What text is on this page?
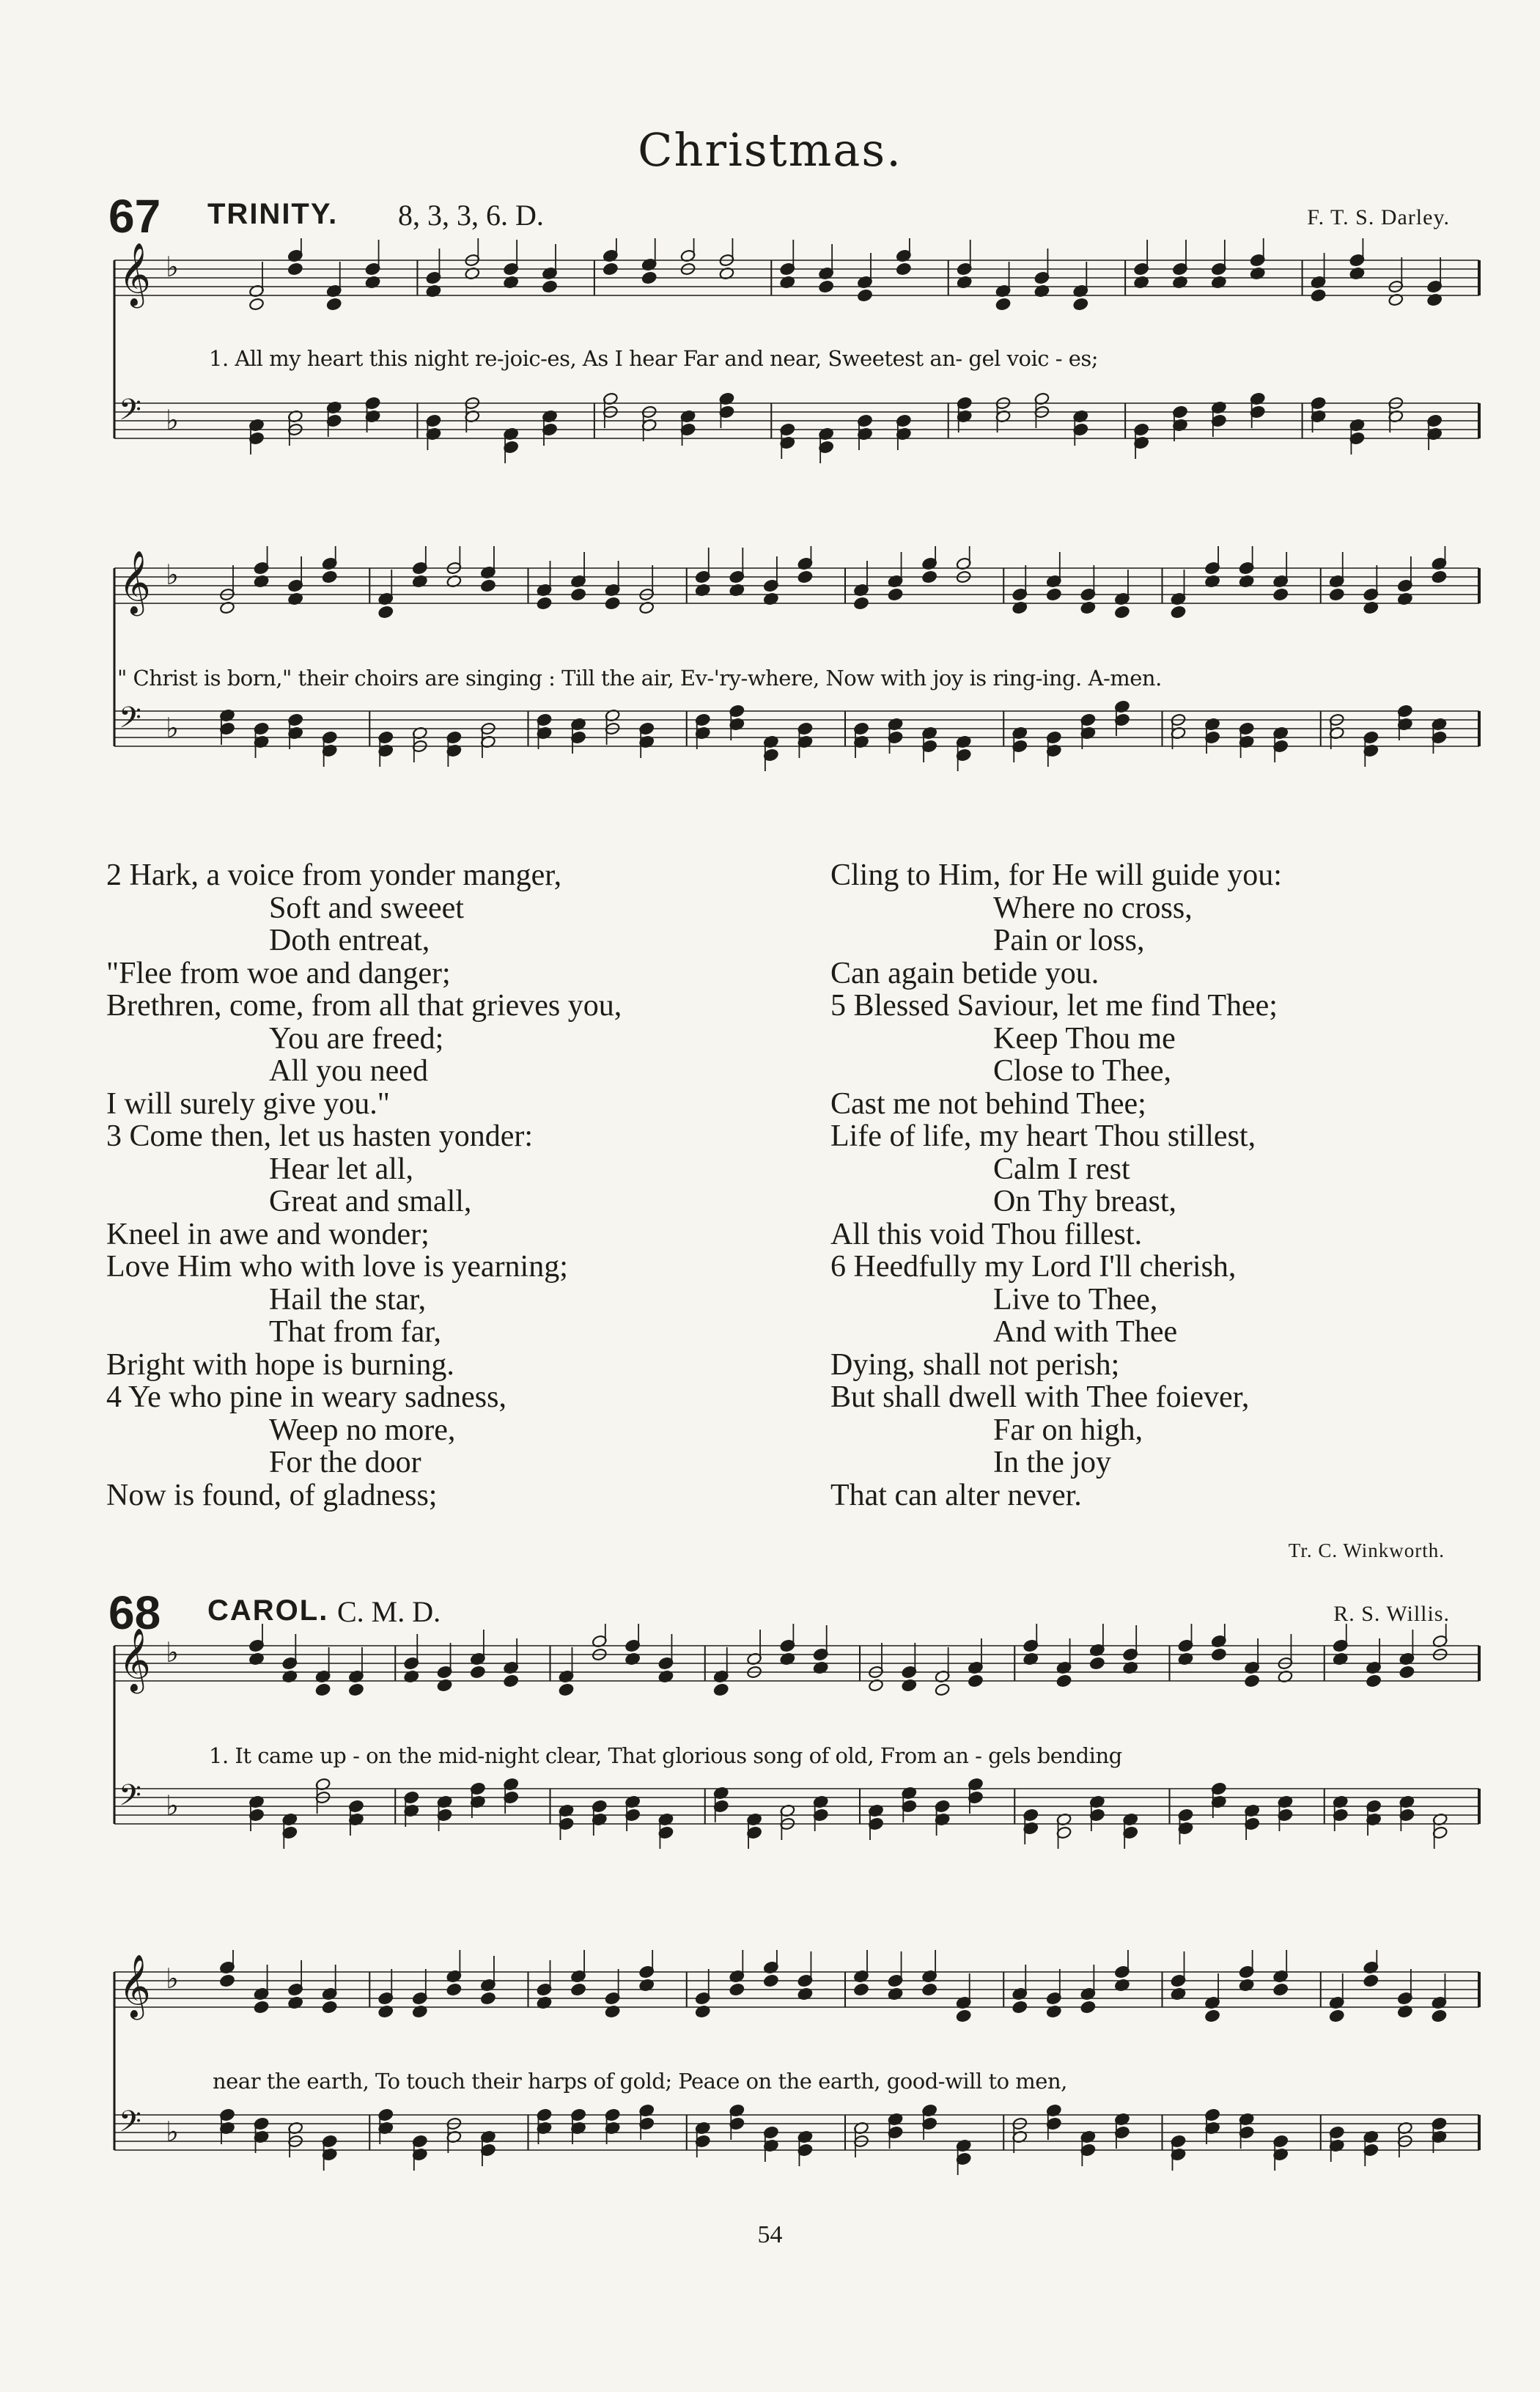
Christmas.
67 TRINITY. 8, 3, 3, 6. D.	F. T. S. Darley.
𝄞 ♭
𝄢 ♭
1. All my heart this night re-joic-es, As I hear Far and near, Sweetest an- gel voic - es;
𝄞 ♭
𝄢 ♭
" Christ is born," their choirs are singing : Till the air, Ev-'ry-where, Now with joy is ring-ing. A-men.
2 Hark, a voice from yonder manger,
Soft and sweeet
Doth entreat,
"Flee from woe and danger;
Brethren, come, from all that grieves you,
You are freed;
All you need
I will surely give you."
3 Come then, let us hasten yonder:
Hear let all,
Great and small,
Kneel in awe and wonder;
Love Him who with love is yearning;
Hail the star,
That from far,
Bright with hope is burning.
4 Ye who pine in weary sadness,
Weep no more,
For the door
Now is found, of gladness;
Cling to Him, for He will guide you:
Where no cross,
Pain or loss,
Can again betide you.
5 Blessed Saviour, let me find Thee;
Keep Thou me
Close to Thee,
Cast me not behind Thee;
Life of life, my heart Thou stillest,
Calm I rest
On Thy breast,
All this void Thou fillest.
6 Heedfully my Lord I'll cherish,
Live to Thee,
And with Thee
Dying, shall not perish;
But shall dwell with Thee foiever,
Far on high,
In the joy
That can alter never.
Tr. C. Winkworth.
68 CAROL. C. M. D.	R. S. Willis.
𝄞 ♭
𝄢 ♭
1. It came up - on the mid-night clear, That glorious song of old, From an - gels bending
𝄞 ♭
𝄢 ♭
near the earth, To touch their harps of gold; Peace on the earth, good-will to men,
54
